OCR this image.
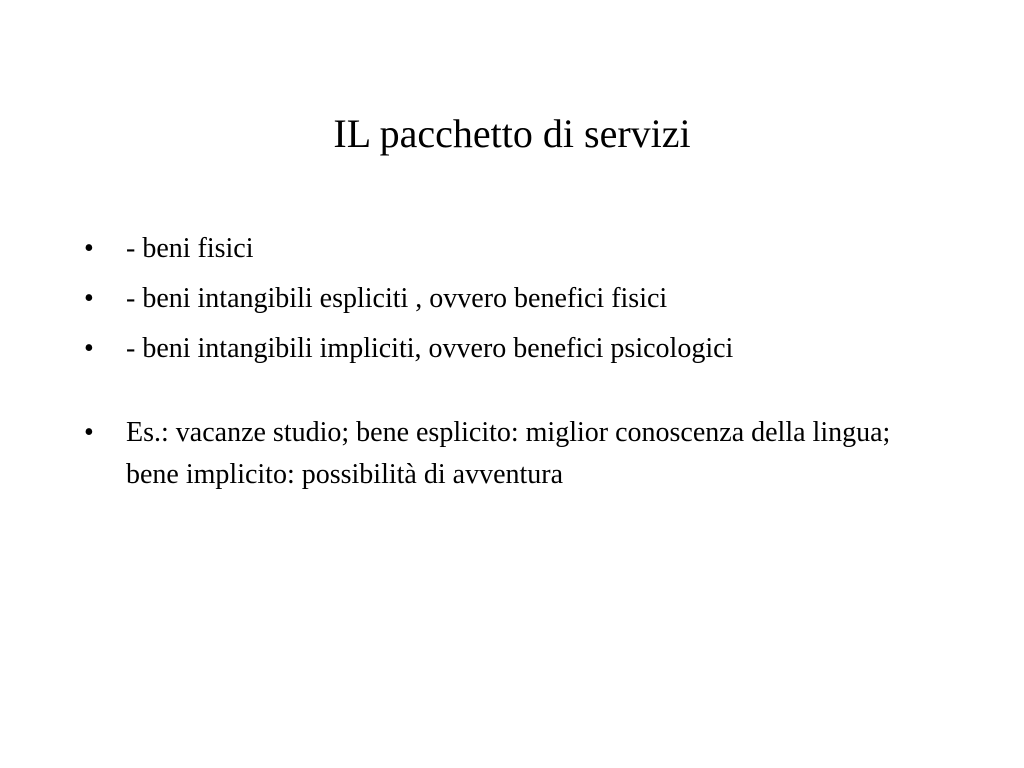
IL pacchetto di servizi
•	- beni fisici
•	- beni intangibili espliciti , ovvero benefici fisici
•	- beni intangibili impliciti, ovvero benefici psicologici
•	Es.: vacanze studio; bene esplicito: miglior conoscenza della lingua; bene implicito: possibilità di avventura
